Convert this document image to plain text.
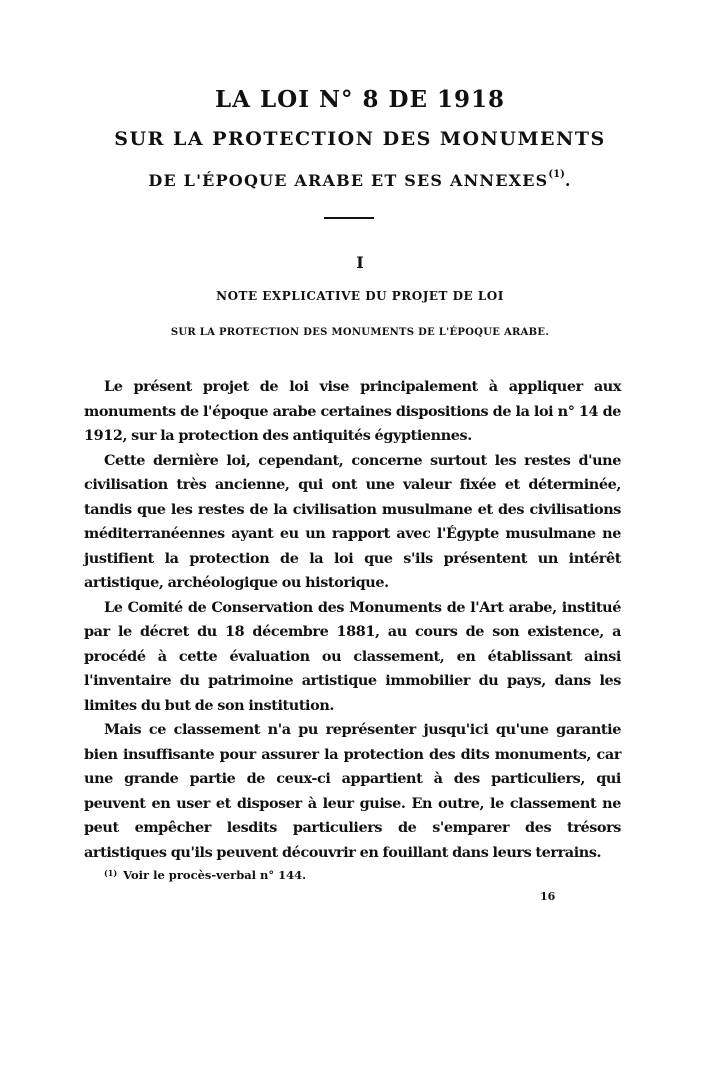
LA LOI N° 8 DE 1918
SUR LA PROTECTION DES MONUMENTS
DE L'ÉPOQUE ARABE ET SES ANNEXES$^{(1)}$.
I
NOTE EXPLICATIVE DU PROJET DE LOI
SUR LA PROTECTION DES MONUMENTS DE L'ÉPOQUE ARABE.

Le présent projet de loi vise principalement à appliquer aux monuments de l'époque arabe certaines dispositions de la loi n° 14 de 1912, sur la protection des antiquités égyptiennes.

Cette dernière loi, cependant, concerne surtout les restes d'une civilisation très ancienne, qui ont une valeur fixée et déterminée, tandis que les restes de la civilisation musulmane et des civilisations méditerranéennes ayant eu un rapport avec l'Égypte musulmane ne justifient la protection de la loi que s'ils présentent un intérêt artistique, archéologique ou historique.

Le Comité de Conservation des Monuments de l'Art arabe, institué par le décret du 18 décembre 1881, au cours de son existence, a procédé à cette évaluation ou classement, en établissant ainsi l'inventaire du patrimoine artistique immobilier du pays, dans les limites du but de son institution.

Mais ce classement n'a pu représenter jusqu'ici qu'une garantie bien insuffisante pour assurer la protection des dits monuments, car une grande partie de ceux-ci appartient à des particuliers, qui peuvent en user et disposer à leur guise. En outre, le classement ne peut empêcher lesdits particuliers de s'emparer des trésors artistiques qu'ils peuvent découvrir en fouillant dans leurs terrains.

$^{(1)}$ Voir le procès-verbal n° 144.
16
